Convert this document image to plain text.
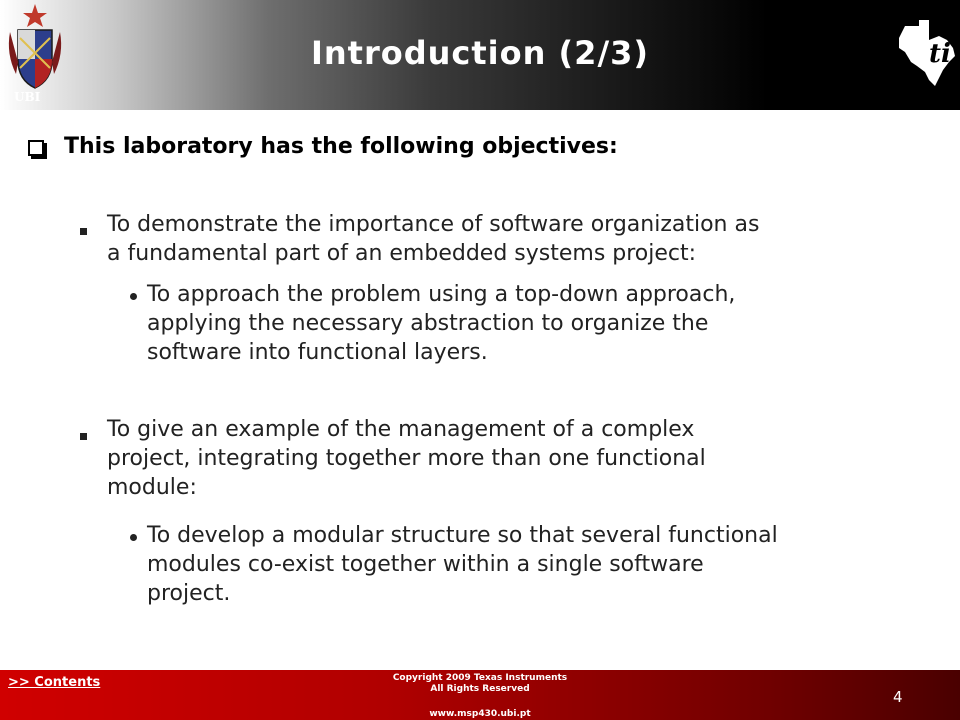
UBI
Introduction (2/3)	ti
This laboratory has the following objectives:
To demonstrate the importance of software organization as
a fundamental part of an embedded systems project:
To approach the problem using a top-down approach,
applying the necessary abstraction to organize the
software into functional layers.
To give an example of the management of a complex
project, integrating together more than one functional
module:
To develop a modular structure so that several functional
modules co-exist together within a single software
project.
>> Contents	Copyright 2009 Texas Instruments
All Rights Reserved
www.msp430.ubi.pt
4
